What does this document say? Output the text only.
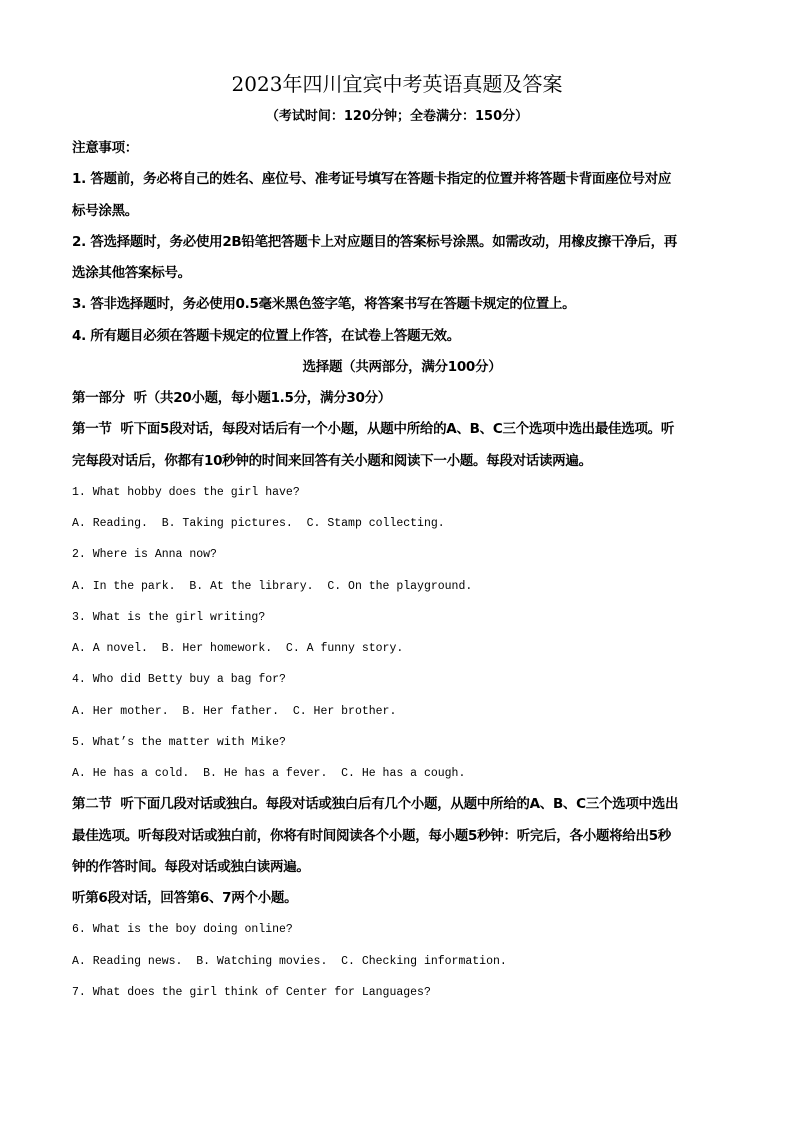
2023年四川宜宾中考英语真题及答案
（考试时间：120分钟；全卷满分：150分）
注意事项：
1. 答题前，务必将自己的姓名、座位号、准考证号填写在答题卡指定的位置并将答题卡背面座位号对应
标号涂黑。
2. 答选择题时，务必使用2B铅笔把答题卡上对应题目的答案标号涂黑。如需改动，用橡皮擦干净后，再
选涂其他答案标号。
3. 答非选择题时，务必使用0.5毫米黑色签字笔，将答案书写在答题卡规定的位置上。
4. 所有题目必须在答题卡规定的位置上作答，在试卷上答题无效。
选择题（共两部分，满分100分）
第一部分  听（共20小题，每小题1.5分，满分30分）
第一节  听下面5段对话，每段对话后有一个小题，从题中所给的A、B、C三个选项中选出最佳选项。听
完每段对话后，你都有10秒钟的时间来回答有关小题和阅读下一小题。每段对话读两遍。
1. What hobby does the girl have?
A. Reading.  B. Taking pictures.  C. Stamp collecting.
2. Where is Anna now?
A. In the park.  B. At the library.  C. On the playground.
3. What is the girl writing?
A. A novel.  B. Her homework.  C. A funny story.
4. Who did Betty buy a bag for?
A. Her mother.  B. Her father.  C. Her brother.
5. What’s the matter with Mike?
A. He has a cold.  B. He has a fever.  C. He has a cough.
第二节  听下面几段对话或独白。每段对话或独白后有几个小题，从题中所给的A、B、C三个选项中选出
最佳选项。听每段对话或独白前，你将有时间阅读各个小题，每小题5秒钟：听完后，各小题将给出5秒
钟的作答时间。每段对话或独白读两遍。
听第6段对话，回答第6、7两个小题。
6. What is the boy doing online?
A. Reading news.  B. Watching movies.  C. Checking information.
7. What does the girl think of Center for Languages?
